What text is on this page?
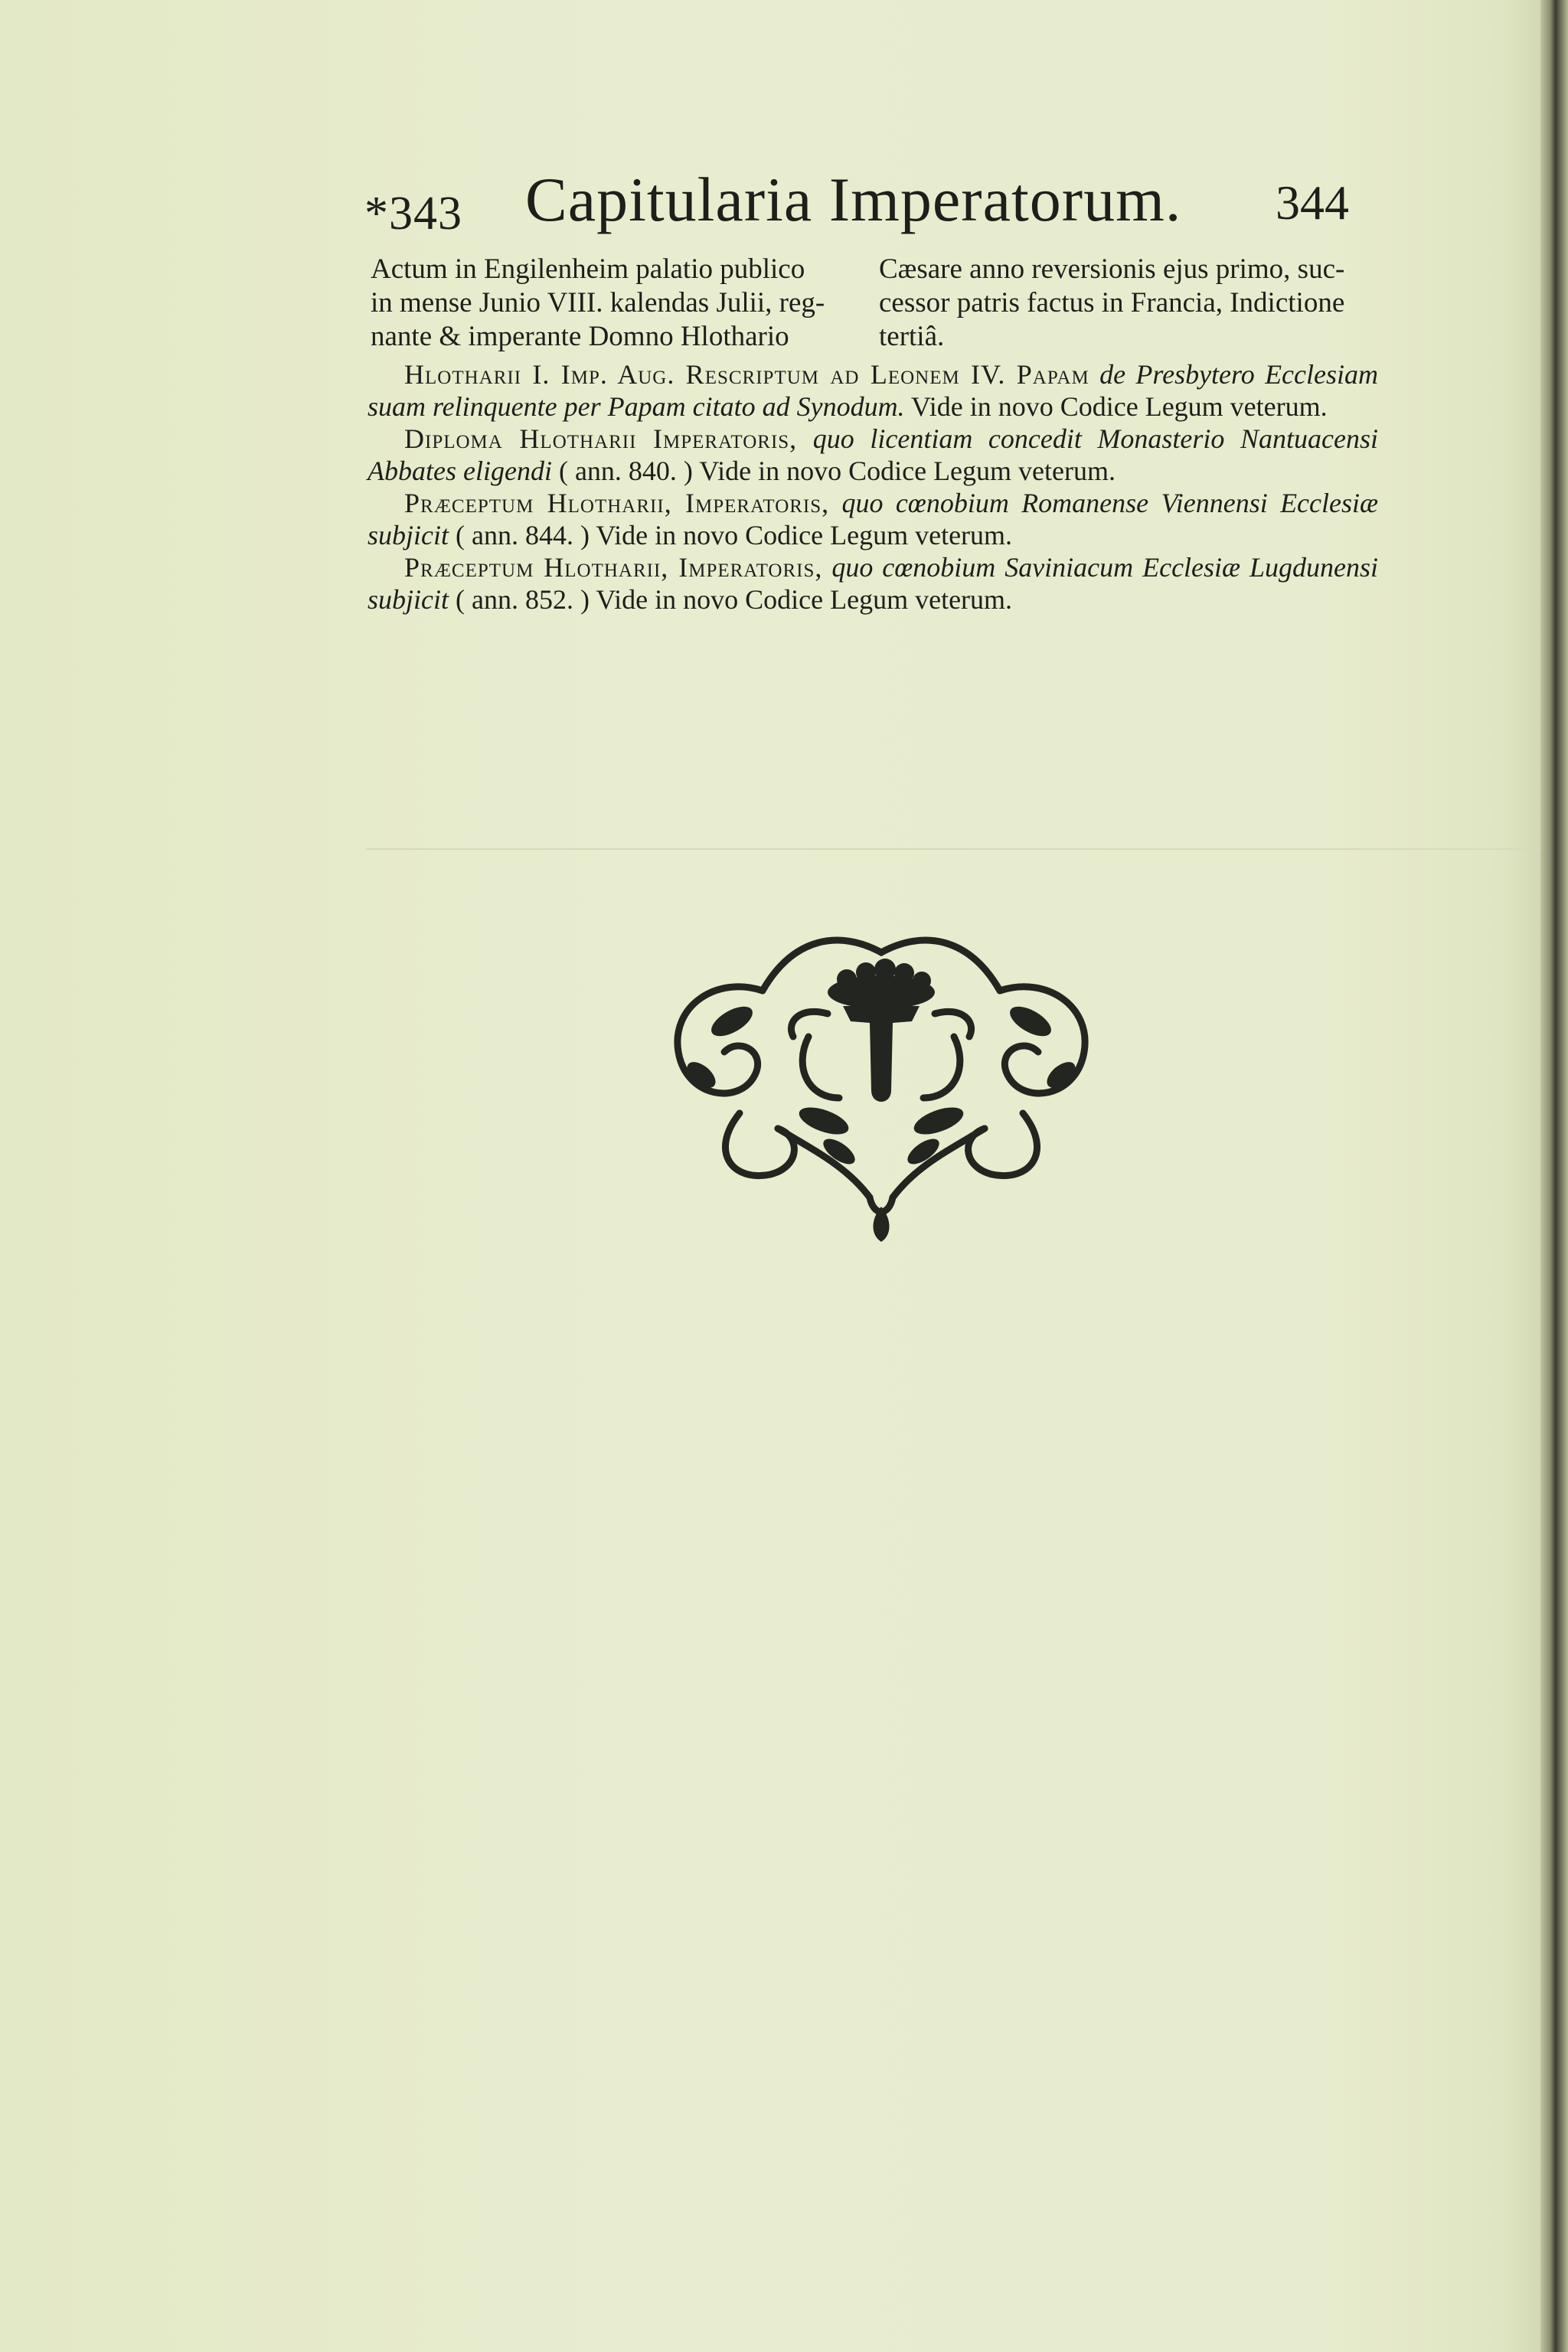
*343 Capitularia Imperatorum. 344
Actum in Engilenheim palatio publico
in mense Junio VIII. kalendas Julii, reg-
nante & imperante Domno Hlothario
Cæsare anno reversionis ejus primo, suc-
cessor patris factus in Francia, Indictione
tertiâ.

Hlotharii I. Imp. Aug. Rescriptum ad Leonem IV. Papam de Presbytero Ecclesiam suam relinquente per Papam citato ad Synodum. Vide in novo Codice Legum veterum.

Diploma Hlotharii Imperatoris, quo licentiam concedit Monasterio Nantuacensi Abbates eligendi ( ann. 840. ) Vide in novo Codice Legum veterum.

Præceptum Hlotharii, Imperatoris, quo cœnobium Romanense Viennensi Ecclesiæ subjicit ( ann. 844. ) Vide in novo Codice Legum veterum.

Præceptum Hlotharii, Imperatoris, quo cœnobium Saviniacum Ecclesiæ Lugdunensi subjicit ( ann. 852. ) Vide in novo Codice Legum veterum.
